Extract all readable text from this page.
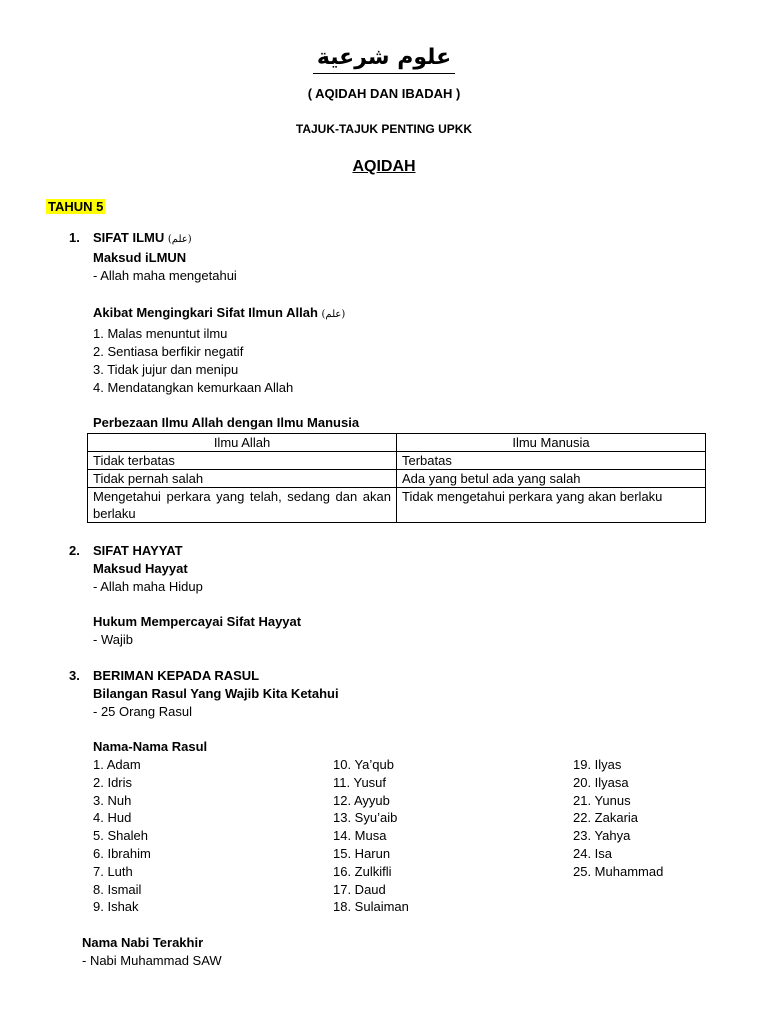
علوم شرعية
( AQIDAH DAN IBADAH )
TAJUK-TAJUK PENTING UPKK
AQIDAH
TAHUN 5
1. SIFAT ILMU (علم)
Maksud iLMUN
- Allah maha mengetahui
Akibat Mengingkari Sifat Ilmun Allah (علم)
1. Malas menuntut ilmu
2. Sentiasa berfikir negatif
3. Tidak jujur dan menipu
4. Mendatangkan kemurkaan Allah
Perbezaan Ilmu Allah dengan Ilmu Manusia
Ilmu Allah	Ilmu Manusia
Tidak terbatas	Terbatas
Tidak pernah salah	Ada yang betul ada yang salah
Mengetahui perkara yang telah, sedang dan akan berlaku	Tidak mengetahui perkara yang akan berlaku
2. SIFAT HAYYAT
Maksud Hayyat
- Allah maha Hidup
Hukum Mempercayai Sifat Hayyat
- Wajib
3. BERIMAN KEPADA RASUL
Bilangan Rasul Yang Wajib Kita Ketahui
- 25 Orang Rasul
Nama-Nama Rasul
1. Adam
2. Idris
3. Nuh
4. Hud
5. Shaleh
6. Ibrahim
7. Luth
8. Ismail
9. Ishak
10. Ya’qub
11. Yusuf
12. Ayyub
13. Syu’aib
14. Musa
15. Harun
16. Zulkifli
17. Daud
18. Sulaiman
19. Ilyas
20. Ilyasa
21. Yunus
22. Zakaria
23. Yahya
24. Isa
25. Muhammad
Nama Nabi Terakhir
- Nabi Muhammad SAW
